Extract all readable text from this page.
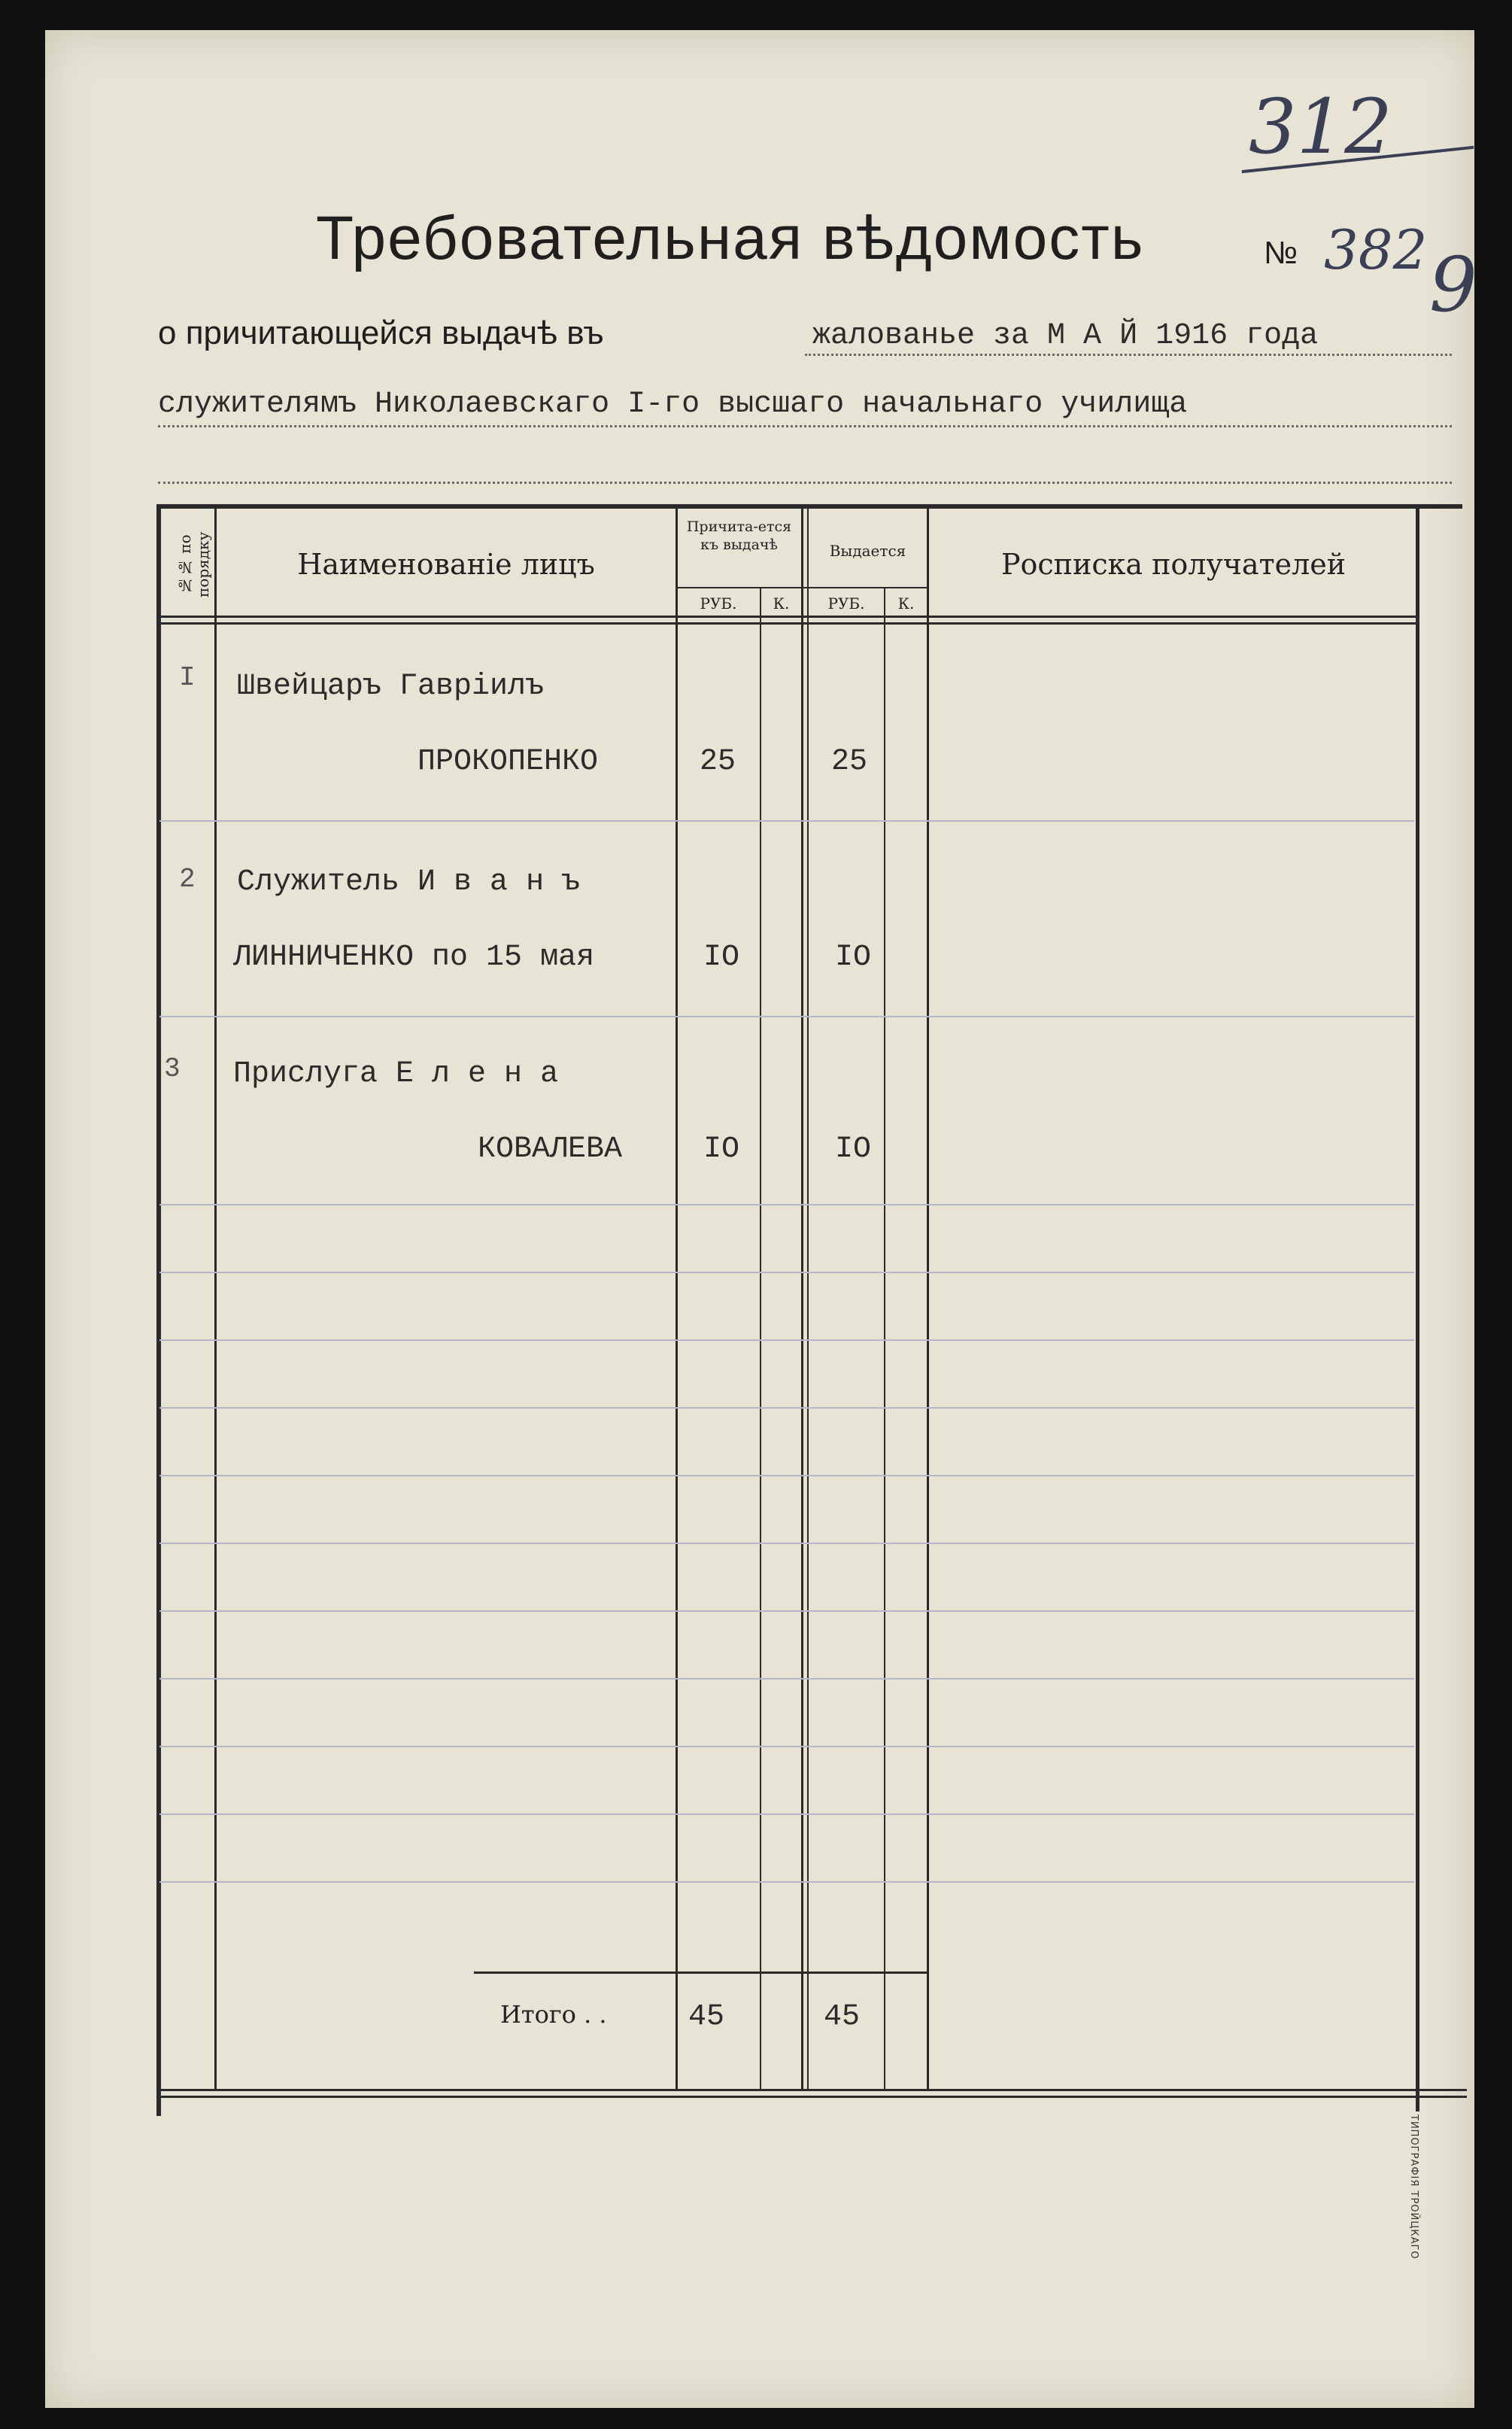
312
Требовательная вѣдомость	№ 382 9
о причитающейся выдачѣ въ	жалованье за М А Й 1916 года
служителямъ Николаевскаго I-го высшаго начальнаго училища
№№ по порядку	Наименованіе лицъ
Причита-ется къ выдачѣ	Выдается	Росписка получателей
РУБ.	К.	РУБ.	К.
I Швейцаръ Гавріилъ
ПРОКОПЕНКО	25	25
2 Служитель И в а н ъ
ЛИННИЧЕНКО по 15 мая	IO	IO
3 Прислуга Е л е н а
КОВАЛЕВА	IO	IO
Итого . .	45	45
ТИПОГРАФІЯ ТРОЙЦКАГО
